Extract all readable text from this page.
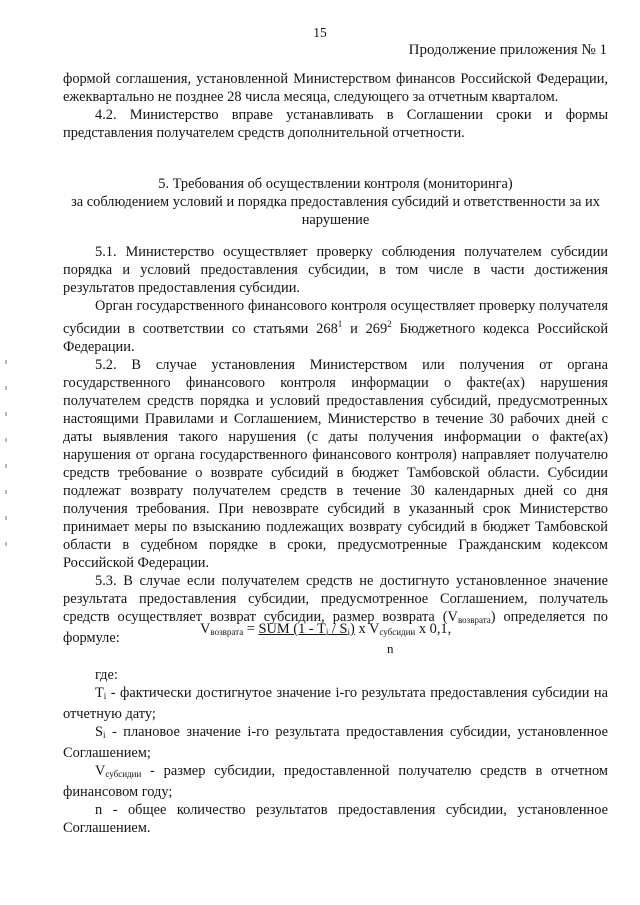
15
Продолжение приложения № 1

формой соглашения, установленной Министерством финансов Российской Федерации, ежеквартально не позднее 28 числа месяца, следующего за отчетным кварталом.

4.2. Министерство вправе устанавливать в Соглашении сроки и формы представления получателем средств дополнительной отчетности.

5. Требования об осуществлении контроля (мониторинга)

за соблюдением условий и порядка предоставления субсидий и ответственности за их нарушение

5.1. Министерство осуществляет проверку соблюдения получателем субсидии порядка и условий предоставления субсидии, в том числе в части достижения результатов предоставления субсидии.

Орган государственного финансового контроля осуществляет проверку получателя субсидии в соответствии со статьями $268^1$ и $269^2$ Бюджетного кодекса Российской Федерации.

5.2. В случае установления Министерством или получения от органа государственного финансового контроля информации о факте(ах) нарушения получателем средств порядка и условий предоставления субсидий, предусмотренных настоящими Правилами и Соглашением, Министерство в течение 30 рабочих дней с даты выявления такого нарушения (с даты получения информации о факте(ах) нарушения от органа государственного финансового контроля) направляет получателю средств требование о возврате субсидий в бюджет Тамбовской области. Субсидии подлежат возврату получателем средств в течение 30 календарных дней со дня получения требования. При невозврате субсидий в указанный срок Министерство принимает меры по взысканию подлежащих возврату субсидий в бюджет Тамбовской области в судебном порядке в сроки, предусмотренные Гражданским кодексом Российской Федерации.

5.3. В случае если получателем средств не достигнуто установленное значение результата предоставления субсидии, предусмотренное Соглашением, получатель средств осуществляет возврат субсидии, размер возврата $(V_{возврата})$ определяется по формуле:

$V_{возврата}$ = SUM $(1 - T_i / S_i)$ x $V_{субсидии}$ x 0,1,
n

где:

$T_i$ - фактически достигнутое значение i-го результата предоставления субсидии на отчетную дату;

$S_i$ - плановое значение i-го результата предоставления субсидии, установленное Соглашением;

$V_{субсидии}$ - размер субсидии, предоставленной получателю средств в отчетном финансовом году;

n - общее количество результатов предоставления субсидии, установленное Соглашением.
